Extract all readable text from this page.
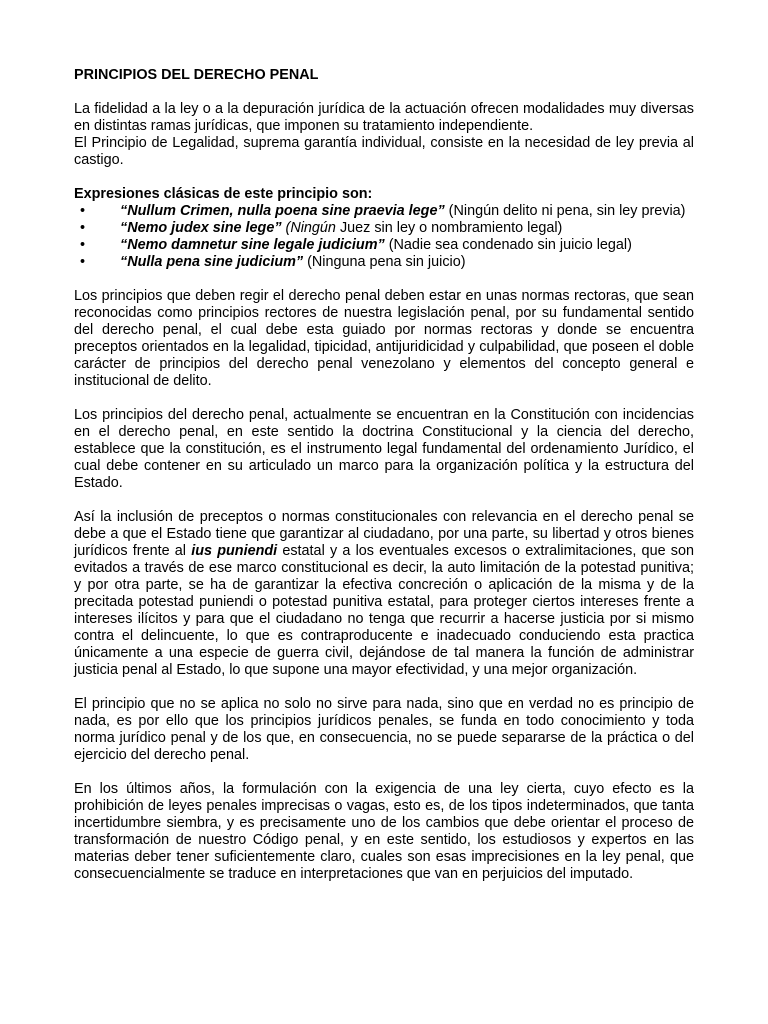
PRINCIPIOS DEL DERECHO PENAL

La fidelidad a la ley o a la depuración jurídica de la actuación ofrecen modalidades muy diversas en distintas ramas jurídicas, que imponen su tratamiento independiente.

El Principio de Legalidad, suprema garantía individual, consiste en la necesidad de ley previa al castigo.

Expresiones clásicas de este principio son:

• “Nullum Crimen, nulla poena sine praevia lege” (Ningún delito ni pena, sin ley previa)
• “Nemo judex sine lege” (Ningún Juez sin ley o nombramiento legal)
• “Nemo damnetur sine legale judicium” (Nadie sea condenado sin juicio legal)
• “Nulla pena sine judicium” (Ninguna pena sin juicio)

Los principios que deben regir el derecho penal deben estar en unas normas rectoras, que sean reconocidas como principios rectores de nuestra legislación penal, por su fundamental sentido del derecho penal, el cual debe esta guiado por normas rectoras y donde se encuentra preceptos orientados en la legalidad, tipicidad, antijuridicidad y culpabilidad, que poseen el doble carácter de principios del derecho penal venezolano y elementos del concepto general e institucional de delito.

Los principios del derecho penal, actualmente se encuentran en la Constitución con incidencias en el derecho penal, en este sentido la doctrina Constitucional y la ciencia del derecho, establece que la constitución, es el instrumento legal fundamental del ordenamiento Jurídico, el cual debe contener en su articulado un marco para la organización política y la estructura del Estado.

Así la inclusión de preceptos o normas constitucionales con relevancia en el derecho penal se debe a que el Estado tiene que garantizar al ciudadano, por una parte, su libertad y otros bienes jurídicos frente al ius puniendi estatal y a los eventuales excesos o extralimitaciones, que son evitados a través de ese marco constitucional es decir, la auto limitación de la potestad punitiva; y por otra parte, se ha de garantizar la efectiva concreción o aplicación de la misma y de la precitada potestad puniendi o potestad punitiva estatal, para proteger ciertos intereses frente a intereses ilícitos y para que el ciudadano no tenga que recurrir a hacerse justicia por si mismo contra el delincuente, lo que es contraproducente e inadecuado conduciendo esta practica únicamente a una especie de guerra civil, dejándose de tal manera la función de administrar justicia penal al Estado, lo que supone una mayor efectividad, y una mejor organización.

El principio que no se aplica no solo no sirve para nada, sino que en verdad no es principio de nada, es por ello que los principios jurídicos penales, se funda en todo conocimiento y toda norma jurídico penal y de los que, en consecuencia, no se puede separarse de la práctica o del ejercicio del derecho penal.

En los últimos años, la formulación con la exigencia de una ley cierta, cuyo efecto es la prohibición de leyes penales imprecisas o vagas, esto es, de los tipos indeterminados, que tanta incertidumbre siembra, y es precisamente uno de los cambios que debe orientar el proceso de transformación de nuestro Código penal, y en este sentido, los estudiosos y expertos en las materias deber tener suficientemente claro, cuales son esas imprecisiones en la ley penal, que consecuencialmente se traduce en interpretaciones que van en perjuicios del imputado.
